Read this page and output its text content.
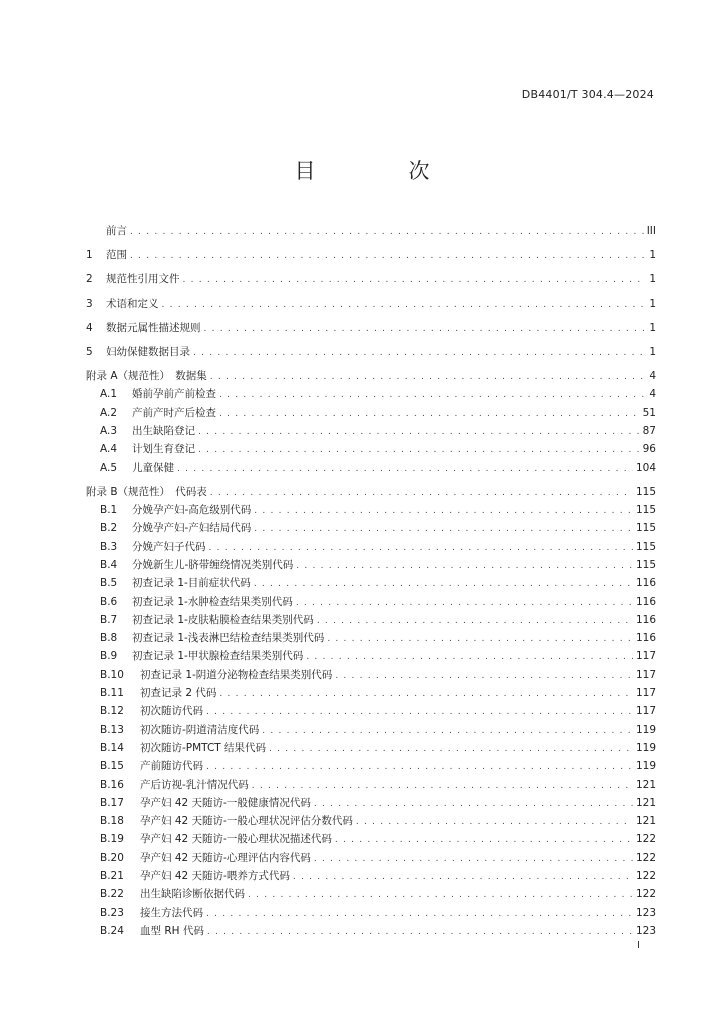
DB4401/T 304.4—2024
目　次
前言 . . .	III
1	范围 . . .	1
2	规范性引用文件 . . .	1
3	术语和定义 . . .	1
4	数据元属性描述规则 . . .	1
5	妇幼保健数据目录 . . .	1
附录 A（规范性）　数据集 . . .	4
A.1	婚前孕前产前检查 . . .	4
A.2	产前产时产后检查 . . .	51
A.3	出生缺陷登记 . . .	87
A.4	计划生育登记 . . .	96
A.5	儿童保健 . . .	104
附录 B（规范性）　代码表 . . .	115
B.1	分娩孕产妇-高危级别代码 . . .	115
B.2	分娩孕产妇-产妇结局代码 . . .	115
B.3	分娩产妇子代码 . . .	115
B.4	分娩新生儿-脐带缠绕情况类别代码 . . .	115
B.5	初查记录 1-目前症状代码 . . .	116
B.6	初查记录 1-水肿检查结果类别代码 . . .	116
B.7	初查记录 1-皮肤粘膜检查结果类别代码 . . .	116
B.8	初查记录 1-浅表淋巴结检查结果类别代码 . . .	116
B.9	初查记录 1-甲状腺检查结果类别代码 . . .	117
B.10	初查记录 1-阴道分泌物检查结果类别代码 . . .	117
B.11	初查记录 2 代码 . . .	117
B.12	初次随访代码 . . .	117
B.13	初次随访-阴道清洁度代码 . . .	119
B.14	初次随访-PMTCT 结果代码 . . .	119
B.15	产前随访代码 . . .	119
B.16	产后访视-乳汁情况代码 . . .	121
B.17	孕产妇 42 天随访-一般健康情况代码 . . .	121
B.18	孕产妇 42 天随访-一般心理状况评估分数代码 . . .	121
B.19	孕产妇 42 天随访-一般心理状况描述代码 . . .	122
B.20	孕产妇 42 天随访-心理评估内容代码 . . .	122
B.21	孕产妇 42 天随访-喂养方式代码 . . .	122
B.22	出生缺陷诊断依据代码 . . .	122
B.23	接生方法代码 . . .	123
B.24	血型 RH 代码 . . .	123
I
